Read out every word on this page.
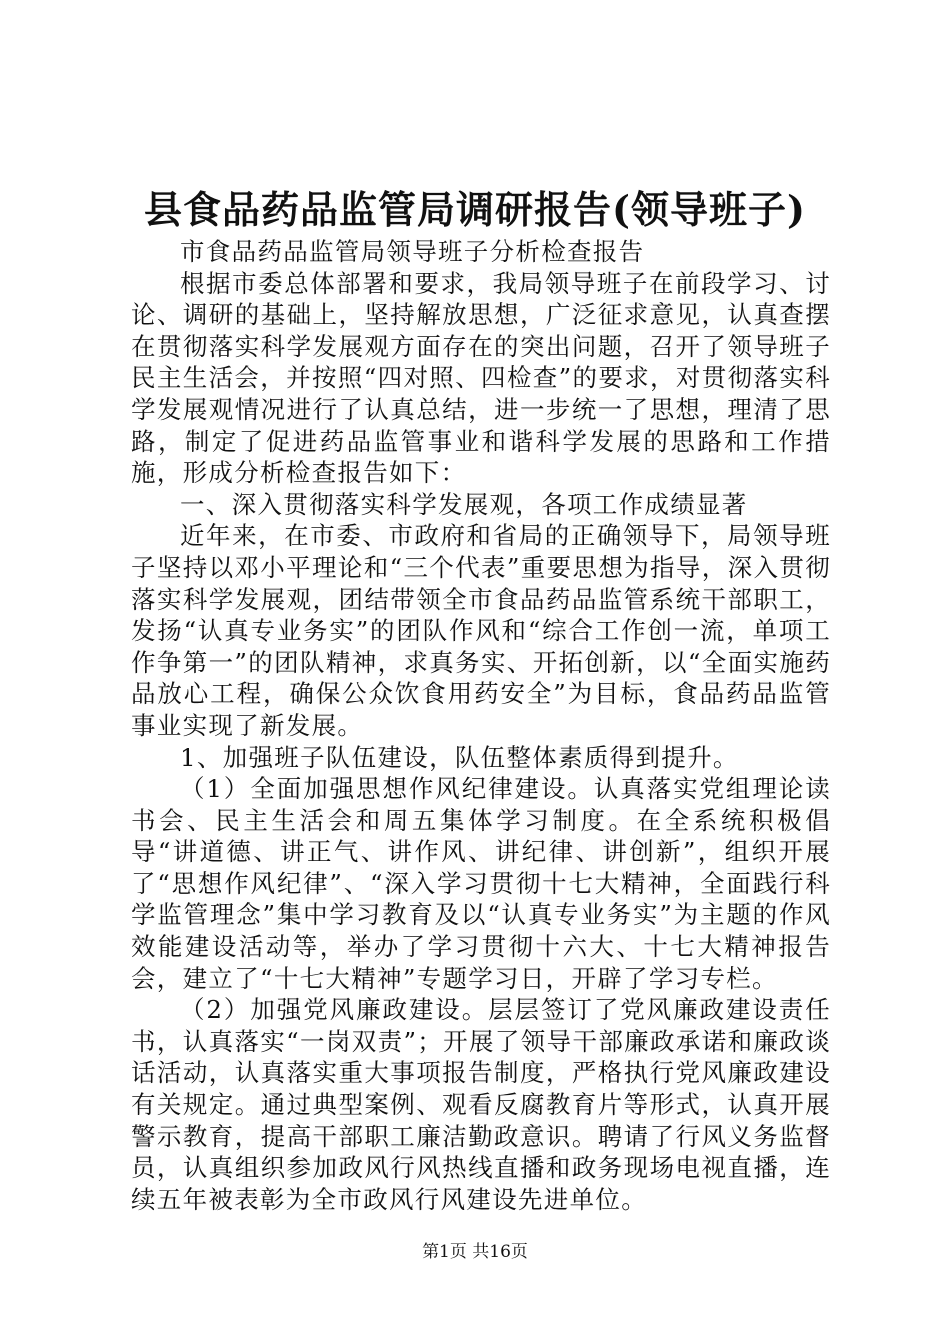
县食品药品监管局调研报告(领导班子)

市食品药品监管局领导班子分析检查报告

根据市委总体部署和要求，我局领导班子在前段学习、讨论、调研的基础上，坚持解放思想，广泛征求意见，认真查摆在贯彻落实科学发展观方面存在的突出问题，召开了领导班子民主生活会，并按照“四对照、四检查”的要求，对贯彻落实科学发展观情况进行了认真总结，进一步统一了思想，理清了思路，制定了促进药品监管事业和谐科学发展的思路和工作措施，形成分析检查报告如下：

一、深入贯彻落实科学发展观，各项工作成绩显著

近年来，在市委、市政府和省局的正确领导下，局领导班子坚持以邓小平理论和“三个代表”重要思想为指导，深入贯彻落实科学发展观，团结带领全市食品药品监管系统干部职工，发扬“认真专业务实”的团队作风和“综合工作创一流，单项工作争第一”的团队精神，求真务实、开拓创新，以“全面实施药品放心工程，确保公众饮食用药安全”为目标，食品药品监管事业实现了新发展。

1、加强班子队伍建设，队伍整体素质得到提升。

（1）全面加强思想作风纪律建设。认真落实党组理论读书会、民主生活会和周五集体学习制度。在全系统积极倡导“讲道德、讲正气、讲作风、讲纪律、讲创新”，组织开展了“思想作风纪律”、“深入学习贯彻十七大精神，全面践行科学监管理念”集中学习教育及以“认真专业务实”为主题的作风效能建设活动等，举办了学习贯彻十六大、十七大精神报告会，建立了“十七大精神”专题学习日，开辟了学习专栏。

（2）加强党风廉政建设。层层签订了党风廉政建设责任书，认真落实“一岗双责”；开展了领导干部廉政承诺和廉政谈话活动，认真落实重大事项报告制度，严格执行党风廉政建设有关规定。通过典型案例、观看反腐教育片等形式，认真开展警示教育，提高干部职工廉洁勤政意识。聘请了行风义务监督员，认真组织参加政风行风热线直播和政务现场电视直播，连续五年被表彰为全市政风行风建设先进单位。

第1页 共16页
